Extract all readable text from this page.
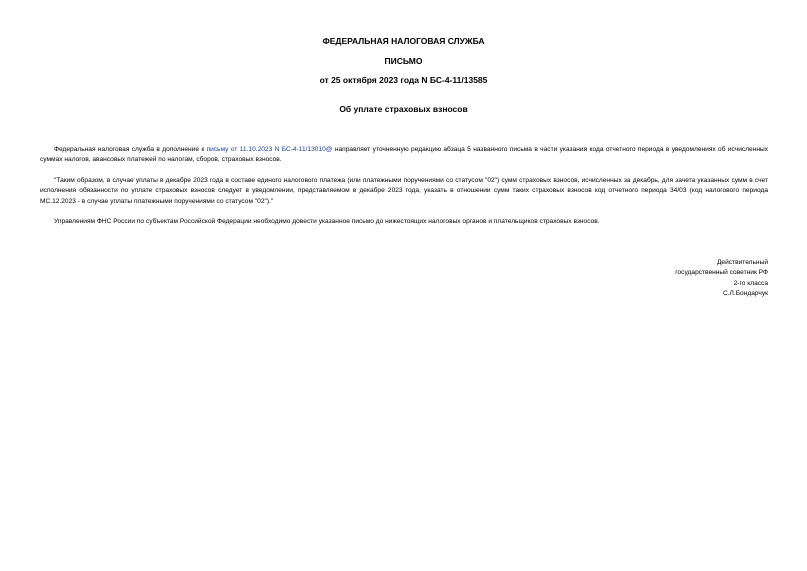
ФЕДЕРАЛЬНАЯ НАЛОГОВАЯ СЛУЖБА
ПИСЬМО
от 25 октября 2023 года N БС-4-11/13585
Об уплате страховых взносов
Федеральная налоговая служба в дополнение к письму от 11.10.2023 N БС-4-11/13010@ направляет уточненную редакцию абзаца 5 названного письма в части указания кода отчетного периода в уведомлениях об исчисленных суммах налогов, авансовых платежей по налогам, сборов, страховых взносов.
"Таким образом, в случае уплаты в декабре 2023 года в составе единого налогового платежа (или платежными поручениями со статусом "02") сумм страховых взносов, исчисленных за декабрь, для зачета указанных сумм в счет исполнения обязанности по уплате страховых взносов следует в уведомлении, представляемом в декабре 2023 года, указать в отношении сумм таких страховых взносов код отчетного периода 34/03 (код налогового периода МС.12.2023 - в случае уплаты платежными поручениями со статусом "02")."
Управлениям ФНС России по субъектам Российской Федерации необходимо довести указанное письмо до нижестоящих налоговых органов и плательщиков страховых взносов.
Действительный
государственный советник РФ
2-го класса
С.Л.Бондарчук
